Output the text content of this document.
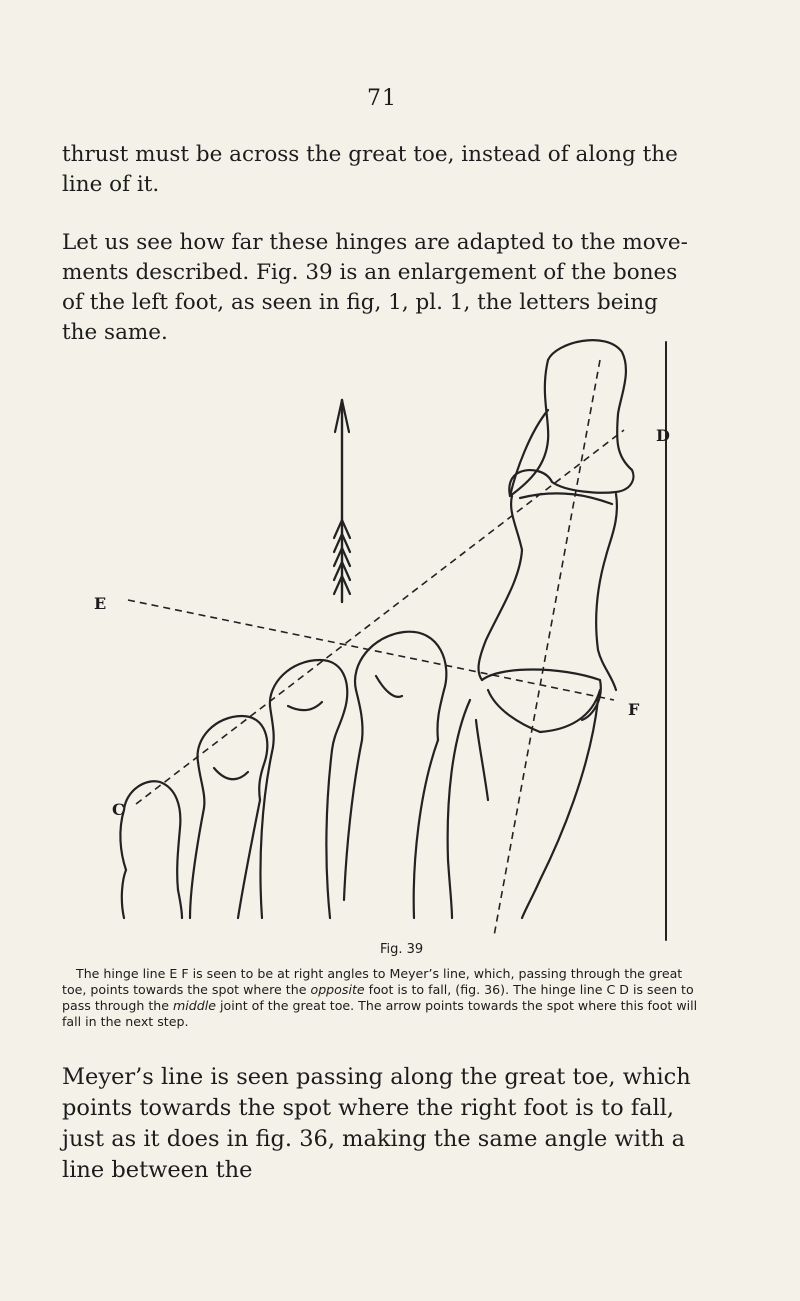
71

thrust must be across the great toe, instead of along the line of it.

Let us see how far these hinges are adapted to the movements described. Fig. 39 is an enlargement of the bones of the left foot, as seen in fig, 1, pl. 1, the letters being the same.

D
E
F
C
Fig. 39

The hinge line E F is seen to be at right angles to Meyer’s line, which, passing through the great toe, points towards the spot where the opposite foot is to fall, (fig. 36). The hinge line C D is seen to pass through the middle joint of the great toe. The arrow points towards the spot where this foot will fall in the next step.

Meyer’s line is seen passing along the great toe, which points towards the spot where the right foot is to fall, just as it does in fig. 36, making the same angle with a line between the
